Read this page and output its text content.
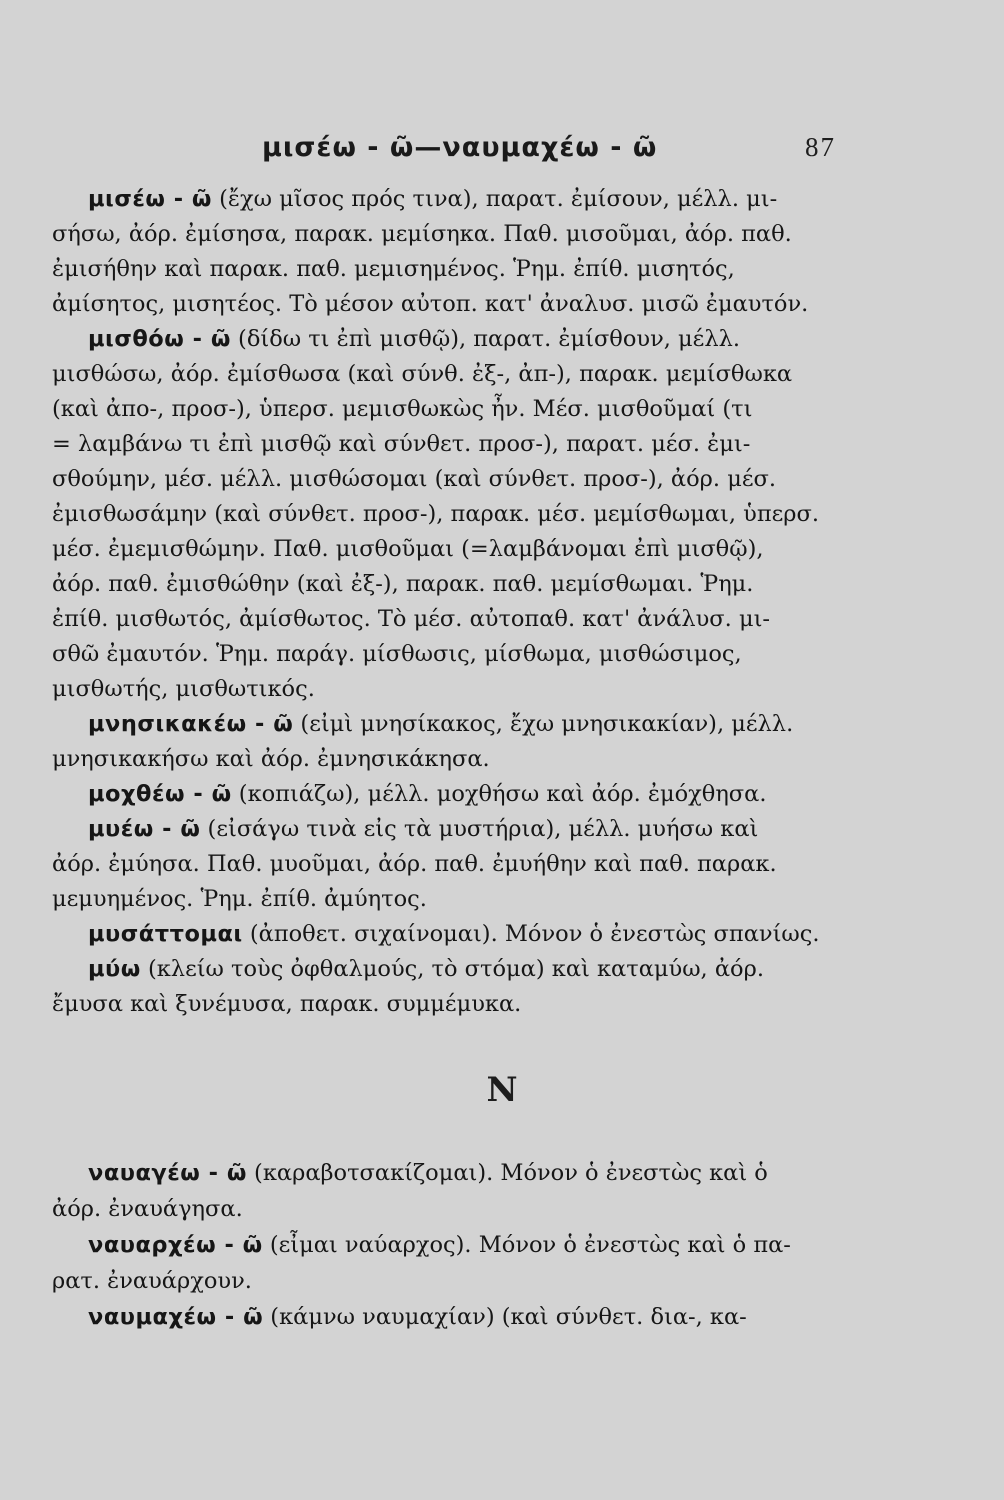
μισέω - ῶ—ναυμαχέω - ῶ	87
μισέω - ῶ (ἔχω μῖσος πρός τινα), παρατ. ἐμίσουν, μέλλ. μι-
σήσω, ἀόρ. ἐμίσησα, παρακ. μεμίσηκα. Παθ. μισοῦμαι, ἀόρ. παθ.
ἐμισήθην καὶ παρακ. παθ. μεμισημένος. Ῥημ. ἐπίθ. μισητός,
ἀμίσητος, μισητέος. Τὸ μέσον αὐτοπ. κατ' ἀναλυσ. μισῶ ἐμαυτόν.
μισθόω - ῶ (δίδω τι ἐπὶ μισθῷ), παρατ. ἐμίσθουν, μέλλ.
μισθώσω, ἀόρ. ἐμίσθωσα (καὶ σύνθ. ἐξ-, ἀπ-), παρακ. μεμίσθωκα
(καὶ ἀπο-, προσ-), ὑπερσ. μεμισθωκὼς ἦν. Μέσ. μισθοῦμαί (τι
= λαμβάνω τι ἐπὶ μισθῷ καὶ σύνθετ. προσ-), παρατ. μέσ. ἐμι-
σθούμην, μέσ. μέλλ. μισθώσομαι (καὶ σύνθετ. προσ-), ἀόρ. μέσ.
ἐμισθωσάμην (καὶ σύνθετ. προσ-), παρακ. μέσ. μεμίσθωμαι, ὑπερσ.
μέσ. ἐμεμισθώμην. Παθ. μισθοῦμαι (=λαμβάνομαι ἐπὶ μισθῷ),
ἀόρ. παθ. ἐμισθώθην (καὶ ἐξ-), παρακ. παθ. μεμίσθωμαι. Ῥημ.
ἐπίθ. μισθωτός, ἀμίσθωτος. Τὸ μέσ. αὐτοπαθ. κατ' ἀνάλυσ. μι-
σθῶ ἐμαυτόν. Ῥημ. παράγ. μίσθωσις, μίσθωμα, μισθώσιμος,
μισθωτής, μισθωτικός.
μνησικακέω - ῶ (εἰμὶ μνησίκακος, ἔχω μνησικακίαν), μέλλ.
μνησικακήσω καὶ ἀόρ. ἐμνησικάκησα.
μοχθέω - ῶ (κοπιάζω), μέλλ. μοχθήσω καὶ ἀόρ. ἐμόχθησα.
μυέω - ῶ (εἰσάγω τινὰ εἰς τὰ μυστήρια), μέλλ. μυήσω καὶ
ἀόρ. ἐμύησα. Παθ. μυοῦμαι, ἀόρ. παθ. ἐμυήθην καὶ παθ. παρακ.
μεμυημένος. Ῥημ. ἐπίθ. ἀμύητος.
μυσάττομαι (ἀποθετ. σιχαίνομαι). Μόνον ὁ ἐνεστὼς σπανίως.
μύω (κλείω τοὺς ὀφθαλμούς, τὸ στόμα) καὶ καταμύω, ἀόρ.
ἔμυσα καὶ ξυνέμυσα, παρακ. συμμέμυκα.
Ν
ναυαγέω - ῶ (καραβοτσακίζομαι). Μόνον ὁ ἐνεστὼς καὶ ὁ
ἀόρ. ἐναυάγησα.
ναυαρχέω - ῶ (εἶμαι ναύαρχος). Μόνον ὁ ἐνεστὼς καὶ ὁ πα-
ρατ. ἐναυάρχουν.
ναυμαχέω - ῶ (κάμνω ναυμαχίαν) (καὶ σύνθετ. δια-, κα-
